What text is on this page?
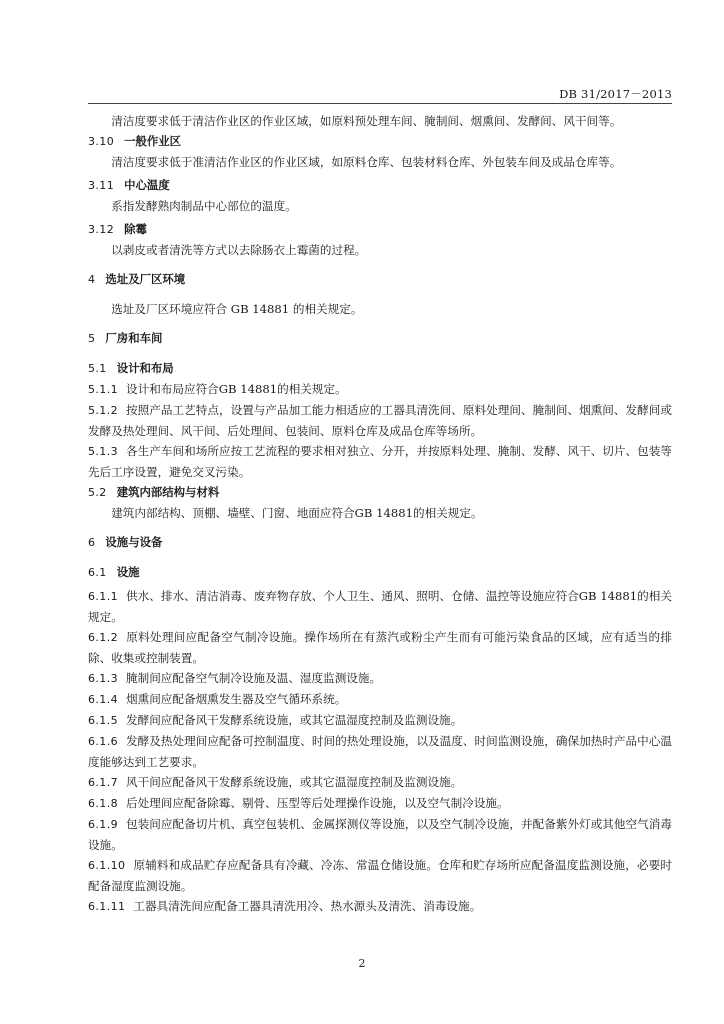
DB 31/2017－2013

清洁度要求低于清洁作业区的作业区域，如原料预处理车间、腌制间、烟熏间、发酵间、风干间等。

3.10 一般作业区

清洁度要求低于准清洁作业区的作业区域，如原料仓库、包装材料仓库、外包装车间及成品仓库等。

3.11 中心温度

系指发酵熟肉制品中心部位的温度。

3.12 除霉

以剥皮或者清洗等方式以去除肠衣上霉菌的过程。

4 选址及厂区环境

选址及厂区环境应符合 GB 14881 的相关规定。

5 厂房和车间

5.1 设计和布局

5.1.1 设计和布局应符合GB 14881的相关规定。

5.1.2 按照产品工艺特点，设置与产品加工能力相适应的工器具清洗间、原料处理间、腌制间、烟熏间、发酵间或发酵及热处理间、风干间、后处理间、包装间、原料仓库及成品仓库等场所。

5.1.3 各生产车间和场所应按工艺流程的要求相对独立、分开，并按原料处理、腌制、发酵、风干、切片、包装等先后工序设置，避免交叉污染。

5.2 建筑内部结构与材料

建筑内部结构、顶棚、墙壁、门窗、地面应符合GB 14881的相关规定。

6 设施与设备

6.1 设施

6.1.1 供水、排水、清洁消毒、废弃物存放、个人卫生、通风、照明、仓储、温控等设施应符合GB 14881的相关规定。

6.1.2 原料处理间应配备空气制冷设施。操作场所在有蒸汽或粉尘产生而有可能污染食品的区域，应有适当的排除、收集或控制装置。

6.1.3 腌制间应配备空气制冷设施及温、湿度监测设施。

6.1.4 烟熏间应配备烟熏发生器及空气循环系统。

6.1.5 发酵间应配备风干发酵系统设施，或其它温湿度控制及监测设施。

6.1.6 发酵及热处理间应配备可控制温度、时间的热处理设施，以及温度、时间监测设施，确保加热时产品中心温度能够达到工艺要求。

6.1.7 风干间应配备风干发酵系统设施，或其它温湿度控制及监测设施。

6.1.8 后处理间应配备除霉、剔骨、压型等后处理操作设施，以及空气制冷设施。

6.1.9 包装间应配备切片机、真空包装机、金属探测仪等设施，以及空气制冷设施，并配备紫外灯或其他空气消毒设施。

6.1.10 原辅料和成品贮存应配备具有冷藏、冷冻、常温仓储设施。仓库和贮存场所应配备温度监测设施，必要时配备湿度监测设施。

6.1.11 工器具清洗间应配备工器具清洗用冷、热水源头及清洗、消毒设施。

2
